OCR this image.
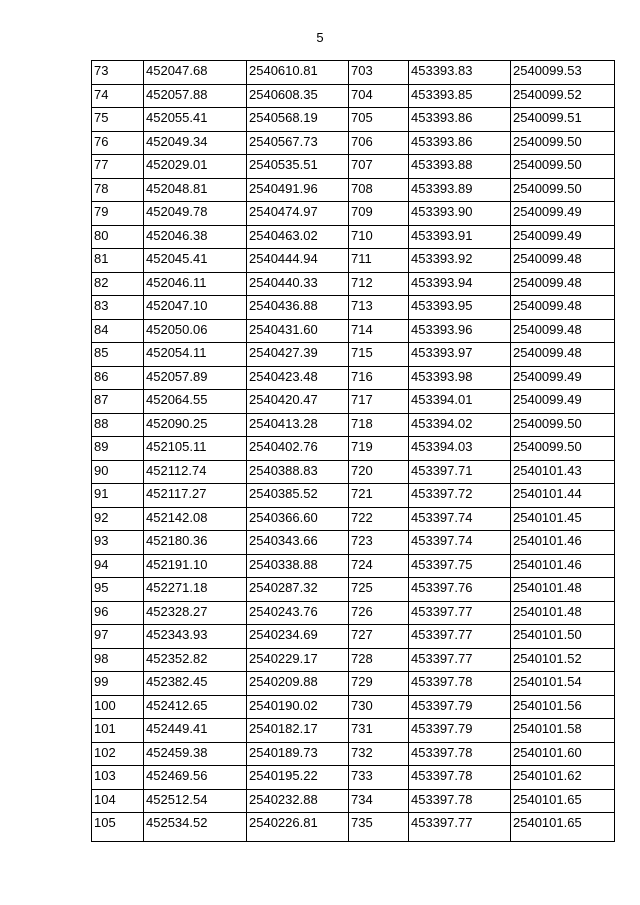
5
73	452047.68	2540610.81	703	453393.83	2540099.53
74	452057.88	2540608.35	704	453393.85	2540099.52
75	452055.41	2540568.19	705	453393.86	2540099.51
76	452049.34	2540567.73	706	453393.86	2540099.50
77	452029.01	2540535.51	707	453393.88	2540099.50
78	452048.81	2540491.96	708	453393.89	2540099.50
79	452049.78	2540474.97	709	453393.90	2540099.49
80	452046.38	2540463.02	710	453393.91	2540099.49
81	452045.41	2540444.94	711	453393.92	2540099.48
82	452046.11	2540440.33	712	453393.94	2540099.48
83	452047.10	2540436.88	713	453393.95	2540099.48
84	452050.06	2540431.60	714	453393.96	2540099.48
85	452054.11	2540427.39	715	453393.97	2540099.48
86	452057.89	2540423.48	716	453393.98	2540099.49
87	452064.55	2540420.47	717	453394.01	2540099.49
88	452090.25	2540413.28	718	453394.02	2540099.50
89	452105.11	2540402.76	719	453394.03	2540099.50
90	452112.74	2540388.83	720	453397.71	2540101.43
91	452117.27	2540385.52	721	453397.72	2540101.44
92	452142.08	2540366.60	722	453397.74	2540101.45
93	452180.36	2540343.66	723	453397.74	2540101.46
94	452191.10	2540338.88	724	453397.75	2540101.46
95	452271.18	2540287.32	725	453397.76	2540101.48
96	452328.27	2540243.76	726	453397.77	2540101.48
97	452343.93	2540234.69	727	453397.77	2540101.50
98	452352.82	2540229.17	728	453397.77	2540101.52
99	452382.45	2540209.88	729	453397.78	2540101.54
100	452412.65	2540190.02	730	453397.79	2540101.56
101	452449.41	2540182.17	731	453397.79	2540101.58
102	452459.38	2540189.73	732	453397.78	2540101.60
103	452469.56	2540195.22	733	453397.78	2540101.62
104	452512.54	2540232.88	734	453397.78	2540101.65
105	452534.52	2540226.81	735	453397.77	2540101.65
